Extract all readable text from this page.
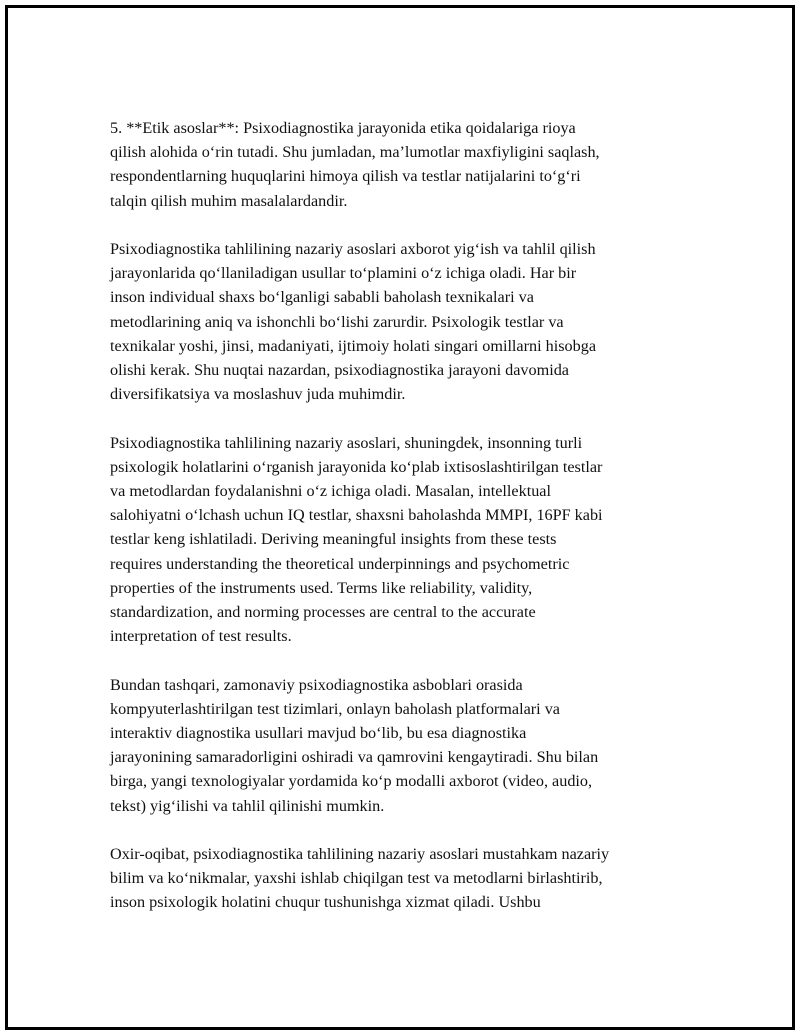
5. **Etik asoslar**: Psixodiagnostika jarayonida etika qoidalariga rioya
qilish alohida o‘rin tutadi. Shu jumladan, ma’lumotlar maxfiyligini saqlash,
respondentlarning huquqlarini himoya qilish va testlar natijalarini to‘g‘ri
talqin qilish muhim masalalardandir.

Psixodiagnostika tahlilining nazariy asoslari axborot yig‘ish va tahlil qilish
jarayonlarida qo‘llaniladigan usullar to‘plamini o‘z ichiga oladi. Har bir
inson individual shaxs bo‘lganligi sababli baholash texnikalari va
metodlarining aniq va ishonchli bo‘lishi zarurdir. Psixologik testlar va
texnikalar yoshi, jinsi, madaniyati, ijtimoiy holati singari omillarni hisobga
olishi kerak. Shu nuqtai nazardan, psixodiagnostika jarayoni davomida
diversifikatsiya va moslashuv juda muhimdir.

Psixodiagnostika tahlilining nazariy asoslari, shuningdek, insonning turli
psixologik holatlarini o‘rganish jarayonida ko‘plab ixtisoslashtirilgan testlar
va metodlardan foydalanishni o‘z ichiga oladi. Masalan, intellektual
salohiyatni o‘lchash uchun IQ testlar, shaxsni baholashda MMPI, 16PF kabi
testlar keng ishlatiladi. Deriving meaningful insights from these tests
requires understanding the theoretical underpinnings and psychometric
properties of the instruments used. Terms like reliability, validity,
standardization, and norming processes are central to the accurate
interpretation of test results.

Bundan tashqari, zamonaviy psixodiagnostika asboblari orasida
kompyuterlashtirilgan test tizimlari, onlayn baholash platformalari va
interaktiv diagnostika usullari mavjud bo‘lib, bu esa diagnostika
jarayonining samaradorligini oshiradi va qamrovini kengaytiradi. Shu bilan
birga, yangi texnologiyalar yordamida ko‘p modalli axborot (video, audio,
tekst) yig‘ilishi va tahlil qilinishi mumkin.

Oxir-oqibat, psixodiagnostika tahlilining nazariy asoslari mustahkam nazariy
bilim va ko‘nikmalar, yaxshi ishlab chiqilgan test va metodlarni birlashtirib,
inson psixologik holatini chuqur tushunishga xizmat qiladi. Ushbu
